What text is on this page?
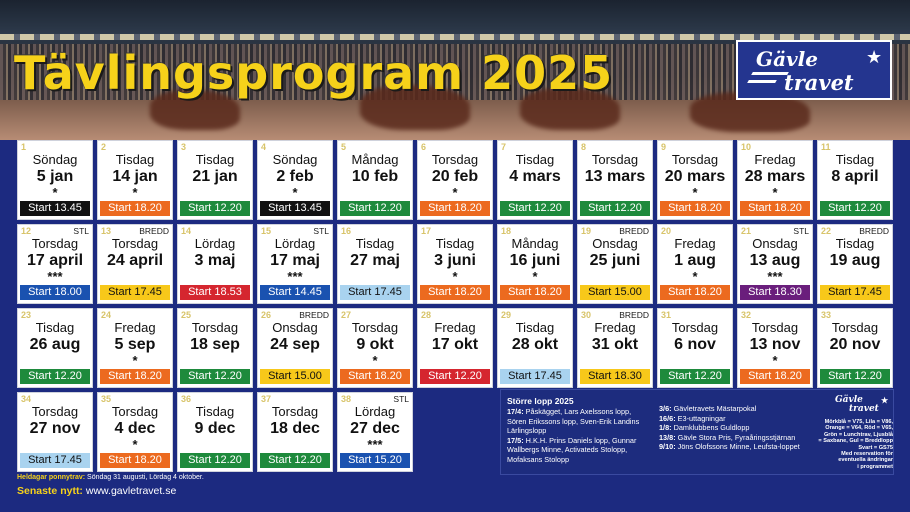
Tävlingsprogram 2025	Gävle
travet
★
1
Söndag
5 jan
*
Start 13.45
2
Tisdag
14 jan
*
Start 18.20
3
Tisdag
21 jan
Start 12.20
4
Söndag
2 feb
*
Start 13.45
5
Måndag
10 feb
Start 12.20
6
Torsdag
20 feb
*
Start 18.20
7
Tisdag
4 mars
Start 12.20
8
Torsdag
13 mars
Start 12.20
9
Torsdag
20 mars
*
Start 18.20
10
Fredag
28 mars
*
Start 18.20
11
Tisdag
8 april
Start 12.20
12	STL
Torsdag
17 april
***
Start 18.00
13	BREDD
Torsdag
24 april
Start 17.45
14
Lördag
3 maj
Start 18.53
15	STL
Lördag
17 maj
***
Start 14.45
16
Tisdag
27 maj
Start 17.45
17
Tisdag
3 juni
*
Start 18.20
18
Måndag
16 juni
*
Start 18.20
19	BREDD
Onsdag
25 juni
Start 15.00
20
Fredag
1 aug
*
Start 18.20
21	STL
Onsdag
13 aug
***
Start 18.30
22	BREDD
Tisdag
19 aug
Start 17.45
23
Tisdag
26 aug
Start 12.20
24
Fredag
5 sep
*
Start 18.20
25
Torsdag
18 sep
Start 12.20
26	BREDD
Onsdag
24 sep
Start 15.00
27
Torsdag
9 okt
*
Start 18.20
28
Fredag
17 okt
Start 12.20
29
Tisdag
28 okt
Start 17.45
30	BREDD
Fredag
31 okt
Start 18.30
31
Torsdag
6 nov
Start 12.20
32
Torsdag
13 nov
*
Start 18.20
33
Torsdag
20 nov
Start 12.20
34
Torsdag
27 nov
Start 17.45
35
Torsdag
4 dec
*
Start 18.20
36
Tisdag
9 dec
Start 12.20
37
Torsdag
18 dec
Start 12.20
38	STL
Lördag
27 dec
***
Start 15.20
Större lopp 2025
17/4: Påskägget, Lars Axelssons lopp, Sören Erikssons lopp, Sven-Erik Landins Lärlingslopp
17/5: H.K.H. Prins Daniels lopp, Gunnar Wallbergs Minne, Activateds Stolopp, Mofaksans Stolopp
3/6: Gävletravets Mästarpokal
16/6: E3-uttagningar
1/8: Damklubbens Guldlopp
13/8: Gävle Stora Pris, Fyraåringsstjärnan
9/10: Jöns Olofssons Minne, Leufsta-loppet
Gävle
travet
★
Mörkblå = V75, Lila = V86,
Orange = V64, Röd = V65,
Grön = Lunchtrav, Ljusblå
= Saxbane, Gul = Breddlopp
Svart = GS75
Med reservation för
eventuella ändringar
i programmet
Heldagar ponnytrav: Söndag 31 augusti, Lördag 4 oktober.
Senaste nytt: www.gavletravet.se
